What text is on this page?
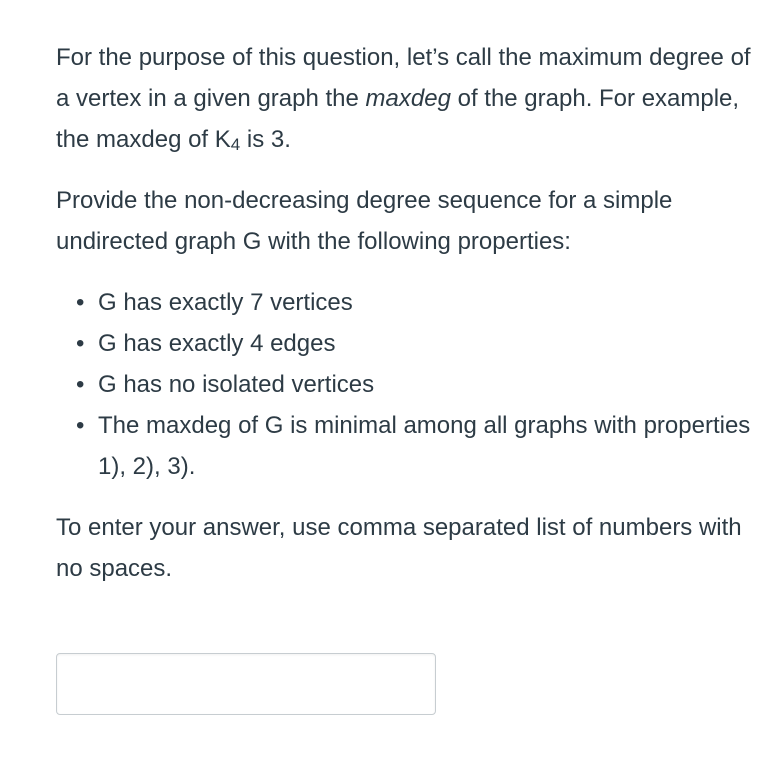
For the purpose of this question, let’s call the maximum degree of a vertex in a given graph the maxdeg of the graph. For example, the maxdeg of $K_4$ is 3.

Provide the non-decreasing degree sequence for a simple undirected graph G with the following properties:

• G has exactly 7 vertices
• G has exactly 4 edges
• G has no isolated vertices
• The maxdeg of G is minimal among all graphs with properties 1), 2), 3).

To enter your answer, use comma separated list of numbers with no spaces.
